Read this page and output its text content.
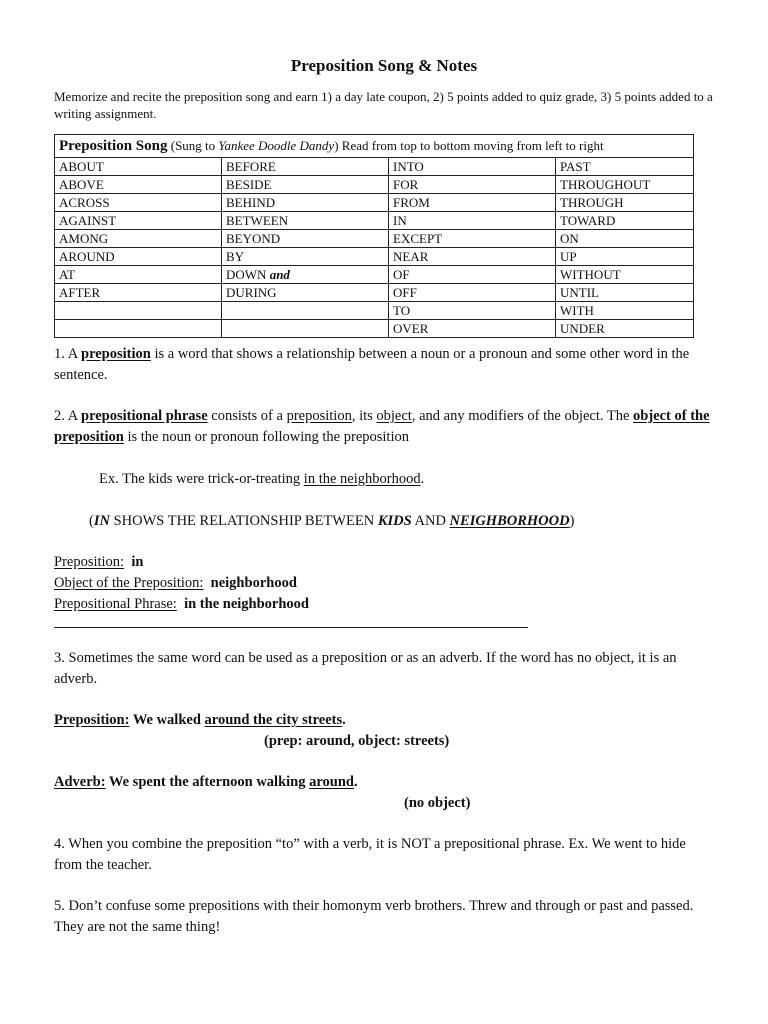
Preposition Song & Notes

Memorize and recite the preposition song and earn 1) a day late coupon, 2) 5 points added to quiz grade, 3) 5 points added to a writing assignment.

Preposition Song (Sung to Yankee Doodle Dandy) Read from top to bottom moving from left to right			
ABOUT	BEFORE	INTO	PAST
ABOVE	BESIDE	FOR	THROUGHOUT
ACROSS	BEHIND	FROM	THROUGH
AGAINST	BETWEEN	IN	TOWARD
AMONG	BEYOND	EXCEPT	ON
AROUND	BY	NEAR	UP
AT	DOWN and	OF	WITHOUT
AFTER	DURING	OFF	UNTIL
		TO	WITH
		OVER	UNDER

1. A preposition is a word that shows a relationship between a noun or a pronoun and some other word in the sentence.

2. A prepositional phrase consists of a preposition, its object, and any modifiers of the object. The object of the preposition is the noun or pronoun following the preposition

Ex. The kids were trick-or-treating in the neighborhood.

(IN SHOWS THE RELATIONSHIP BETWEEN KIDS AND NEIGHBORHOOD)

Preposition: in

Object of the Preposition: neighborhood

Prepositional Phrase: in the neighborhood

3. Sometimes the same word can be used as a preposition or as an adverb. If the word has no object, it is an adverb.

Preposition: We walked around the city streets.

(prep: around, object: streets)

Adverb: We spent the afternoon walking around.

(no object)

4. When you combine the preposition “to” with a verb, it is NOT a prepositional phrase. Ex. We went to hide from the teacher.

5. Don’t confuse some prepositions with their homonym verb brothers. Threw and through or past and passed. They are not the same thing!
